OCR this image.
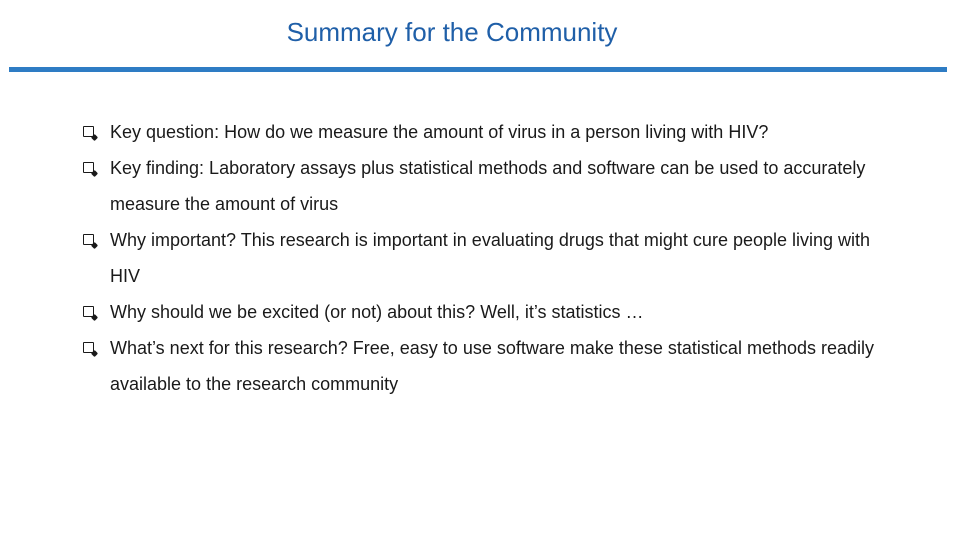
Summary for the Community
Key question: How do we measure the amount of virus in a person living with HIV?
Key finding: Laboratory assays plus statistical methods and software can be used to accurately measure the amount of virus
Why important? This research is important in evaluating drugs that might cure people living with HIV
Why should we be excited (or not) about this? Well, it’s statistics …
What’s next for this research? Free, easy to use software make these statistical methods readily available to the research community
